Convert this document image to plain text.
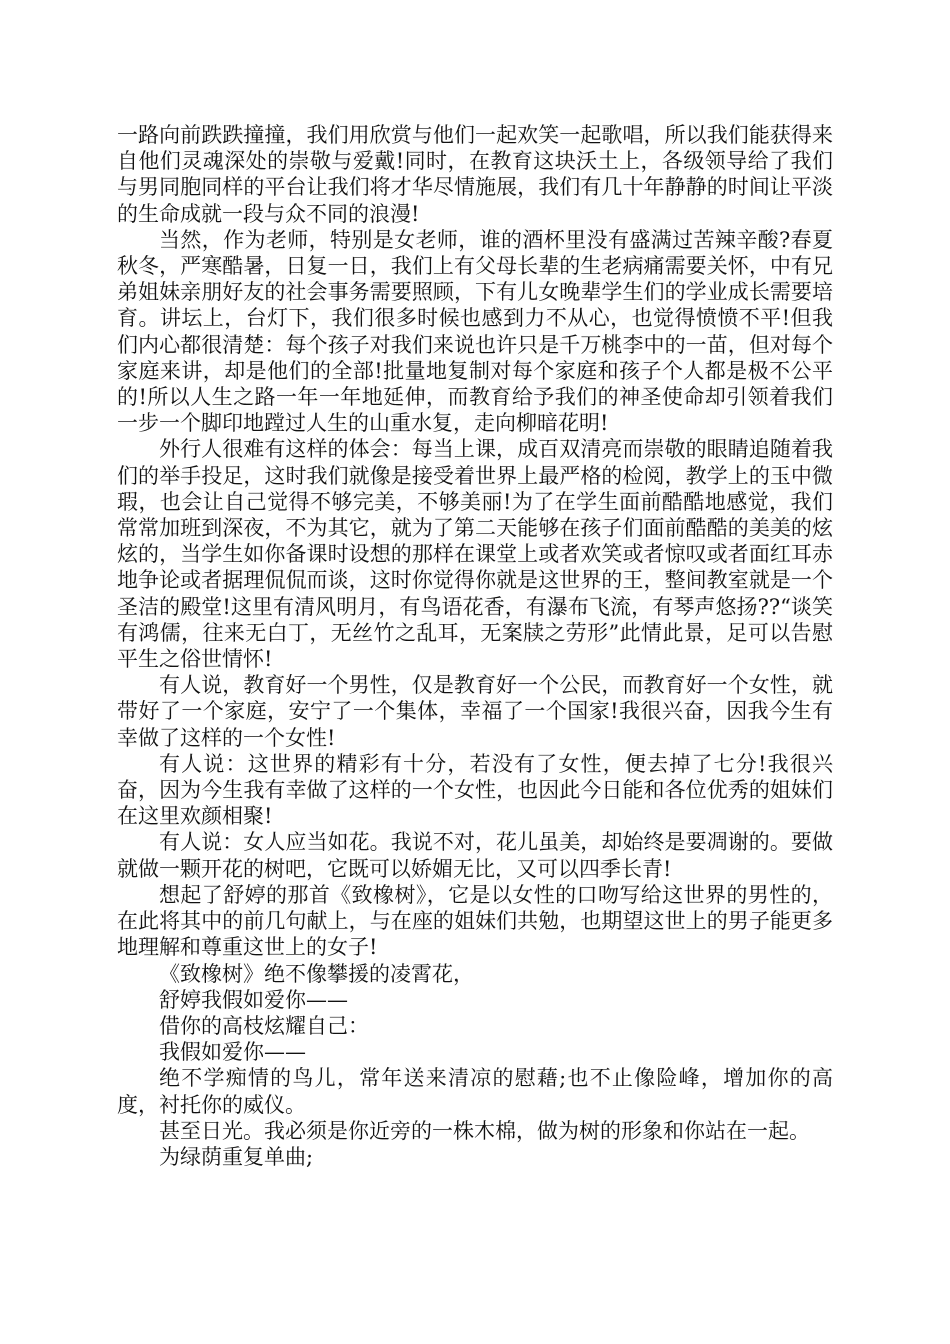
一路向前跌跌撞撞，我们用欣赏与他们一起欢笑一起歌唱，所以我们能获得来自他们灵魂深处的崇敬与爱戴!同时，在教育这块沃土上，各级领导给了我们与男同胞同样的平台让我们将才华尽情施展，我们有几十年静静的时间让平淡的生命成就一段与众不同的浪漫!

当然，作为老师，特别是女老师，谁的酒杯里没有盛满过苦辣辛酸?春夏秋冬，严寒酷暑，日复一日，我们上有父母长辈的生老病痛需要关怀，中有兄弟姐妹亲朋好友的社会事务需要照顾，下有儿女晚辈学生们的学业成长需要培育。讲坛上，台灯下，我们很多时候也感到力不从心，也觉得愤愤不平!但我们内心都很清楚：每个孩子对我们来说也许只是千万桃李中的一苗，但对每个家庭来讲，却是他们的全部!批量地复制对每个家庭和孩子个人都是极不公平的!所以人生之路一年一年地延伸，而教育给予我们的神圣使命却引领着我们一步一个脚印地蹚过人生的山重水复，走向柳暗花明!

外行人很难有这样的体会：每当上课，成百双清亮而崇敬的眼睛追随着我们的举手投足，这时我们就像是接受着世界上最严格的检阅，教学上的玉中微瑕，也会让自己觉得不够完美，不够美丽!为了在学生面前酷酷地感觉，我们常常加班到深夜，不为其它，就为了第二天能够在孩子们面前酷酷的美美的炫炫的，当学生如你备课时设想的那样在课堂上或者欢笑或者惊叹或者面红耳赤地争论或者据理侃侃而谈，这时你觉得你就是这世界的王，整间教室就是一个圣洁的殿堂!这里有清风明月，有鸟语花香，有瀑布飞流，有琴声悠扬??“谈笑有鸿儒，往来无白丁，无丝竹之乱耳，无案牍之劳形”此情此景，足可以告慰平生之俗世情怀!

有人说，教育好一个男性，仅是教育好一个公民，而教育好一个女性，就带好了一个家庭，安宁了一个集体，幸福了一个国家!我很兴奋，因我今生有幸做了这样的一个女性!

有人说：这世界的精彩有十分，若没有了女性，便去掉了七分!我很兴奋，因为今生我有幸做了这样的一个女性，也因此今日能和各位优秀的姐妹们在这里欢颜相聚!

有人说：女人应当如花。我说不对，花儿虽美，却始终是要凋谢的。要做就做一颗开花的树吧，它既可以娇媚无比，又可以四季长青!

想起了舒婷的那首《致橡树》，它是以女性的口吻写给这世界的男性的，在此将其中的前几句献上，与在座的姐妹们共勉，也期望这世上的男子能更多地理解和尊重这世上的女子!

《致橡树》绝不像攀援的凌霄花，

舒婷我假如爱你——

借你的高枝炫耀自己：

我假如爱你——

绝不学痴情的鸟儿，常年送来清凉的慰藉;也不止像险峰，增加你的高度，衬托你的威仪。

甚至日光。我必须是你近旁的一株木棉，做为树的形象和你站在一起。

为绿荫重复单曲;
